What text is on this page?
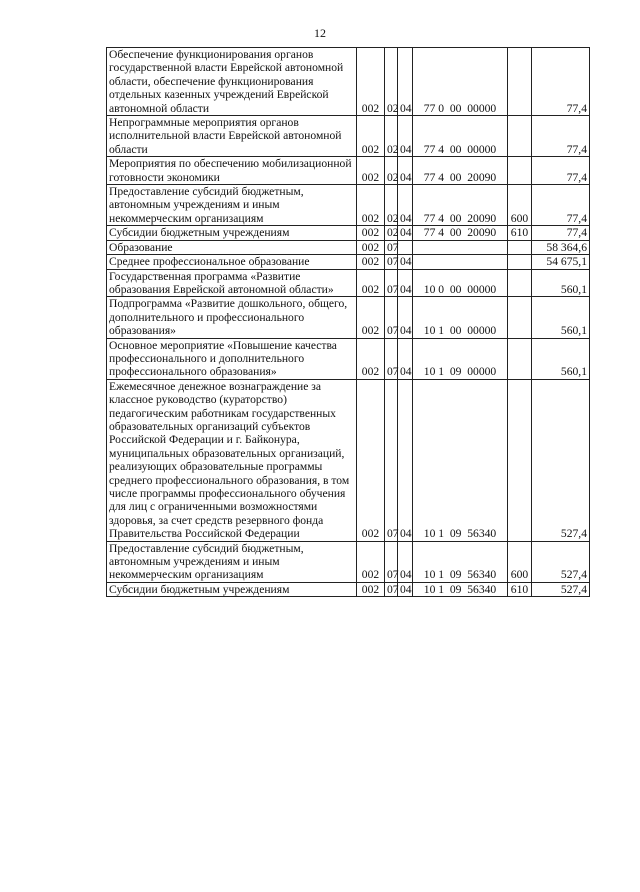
12
Обеспечение функционирования органов государственной власти Еврейской автономной области, обеспечение функционирования отдельных казенных учреждений Еврейской автономной области	002	02	04	77 0  00  00000		77,4
Непрограммные мероприятия органов исполнительной власти Еврейской автономной области	002	02	04	77 4  00  00000		77,4
Мероприятия по обеспечению мобилизационной готовности экономики	002	02	04	77 4  00  20090		77,4
Предоставление субсидий бюджетным, автономным учреждениям и иным некоммерческим организациям	002	02	04	77 4  00  20090	600	77,4
Субсидии бюджетным учреждениям	002	02	04	77 4  00  20090	610	77,4
Образование	002	07				58 364,6
Среднее профессиональное образование	002	07	04			54 675,1
Государственная программа «Развитие образования Еврейской автономной области»	002	07	04	10 0  00  00000		560,1
Подпрограмма «Развитие дошкольного, общего, дополнительного и профессионального образования»	002	07	04	10 1  00  00000		560,1
Основное мероприятие «Повышение качества профессионального и дополнительного профессионального образования»	002	07	04	10 1  09  00000		560,1
Ежемесячное денежное вознаграждение за классное руководство (кураторство) педагогическим работникам государственных образовательных организаций субъектов Российской Федерации и г. Байконура, муниципальных образовательных организаций, реализующих образовательные программы среднего профессионального образования, в том числе программы профессионального обучения для лиц с ограниченными возможностями здоровья, за счет средств резервного фонда Правительства Российской Федерации	002	07	04	10 1  09  56340		527,4
Предоставление субсидий бюджетным, автономным учреждениям и иным некоммерческим организациям	002	07	04	10 1  09  56340	600	527,4
Субсидии бюджетным учреждениям	002	07	04	10 1  09  56340	610	527,4
